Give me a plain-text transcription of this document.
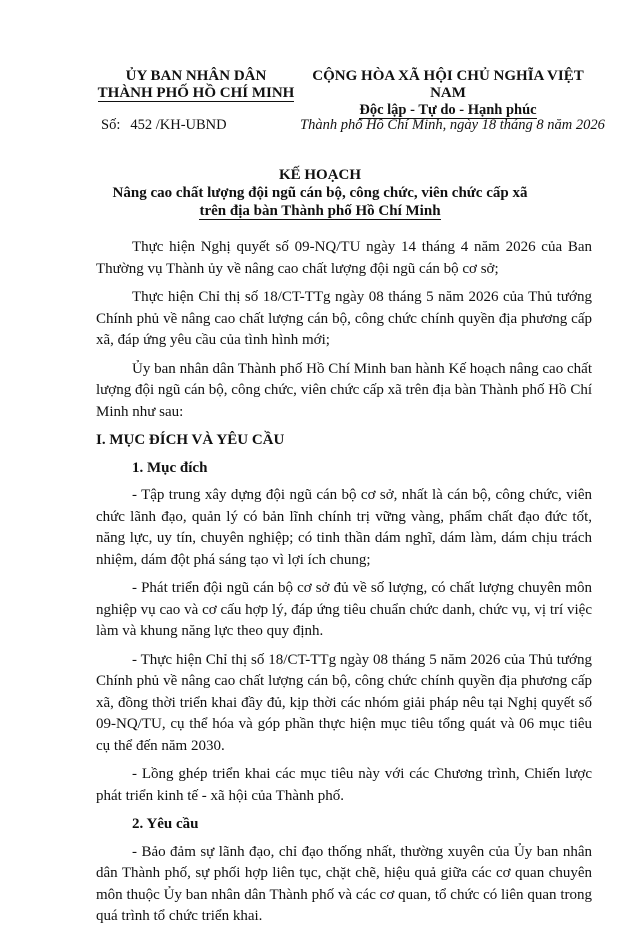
ỦY BAN NHÂN DÂN
THÀNH PHỐ HỒ CHÍ MINH
CỘNG HÒA XÃ HỘI CHỦ NGHĨA VIỆT NAM
Độc lập - Tự do - Hạnh phúc
Số: 452 /KH-UBND	Thành phố Hồ Chí Minh, ngày 18 tháng 8 năm 2026
KẾ HOẠCH
Nâng cao chất lượng đội ngũ cán bộ, công chức, viên chức cấp xã
trên địa bàn Thành phố Hồ Chí Minh

Thực hiện Nghị quyết số 09-NQ/TU ngày 14 tháng 4 năm 2026 của Ban Thường vụ Thành ủy về nâng cao chất lượng đội ngũ cán bộ cơ sở;

Thực hiện Chỉ thị số 18/CT-TTg ngày 08 tháng 5 năm 2026 của Thủ tướng Chính phủ về nâng cao chất lượng cán bộ, công chức chính quyền địa phương cấp xã, đáp ứng yêu cầu của tình hình mới;

Ủy ban nhân dân Thành phố Hồ Chí Minh ban hành Kế hoạch nâng cao chất lượng đội ngũ cán bộ, công chức, viên chức cấp xã trên địa bàn Thành phố Hồ Chí Minh như sau:

I. MỤC ĐÍCH VÀ YÊU CẦU
1. Mục đích

- Tập trung xây dựng đội ngũ cán bộ cơ sở, nhất là cán bộ, công chức, viên chức lãnh đạo, quản lý có bản lĩnh chính trị vững vàng, phẩm chất đạo đức tốt, năng lực, uy tín, chuyên nghiệp; có tinh thần dám nghĩ, dám làm, dám chịu trách nhiệm, dám đột phá sáng tạo vì lợi ích chung;

- Phát triển đội ngũ cán bộ cơ sở đủ về số lượng, có chất lượng chuyên môn nghiệp vụ cao và cơ cấu hợp lý, đáp ứng tiêu chuẩn chức danh, chức vụ, vị trí việc làm và khung năng lực theo quy định.

- Thực hiện Chỉ thị số 18/CT-TTg ngày 08 tháng 5 năm 2026 của Thủ tướng Chính phủ về nâng cao chất lượng cán bộ, công chức chính quyền địa phương cấp xã, đồng thời triển khai đầy đủ, kịp thời các nhóm giải pháp nêu tại Nghị quyết số 09-NQ/TU, cụ thể hóa và góp phần thực hiện mục tiêu tổng quát và 06 mục tiêu cụ thể đến năm 2030.

- Lồng ghép triển khai các mục tiêu này với các Chương trình, Chiến lược phát triển kinh tế - xã hội của Thành phố.

2. Yêu cầu

- Bảo đảm sự lãnh đạo, chỉ đạo thống nhất, thường xuyên của Ủy ban nhân dân Thành phố, sự phối hợp liên tục, chặt chẽ, hiệu quả giữa các cơ quan chuyên môn thuộc Ủy ban nhân dân Thành phố và các cơ quan, tổ chức có liên quan trong quá trình tổ chức triển khai.
